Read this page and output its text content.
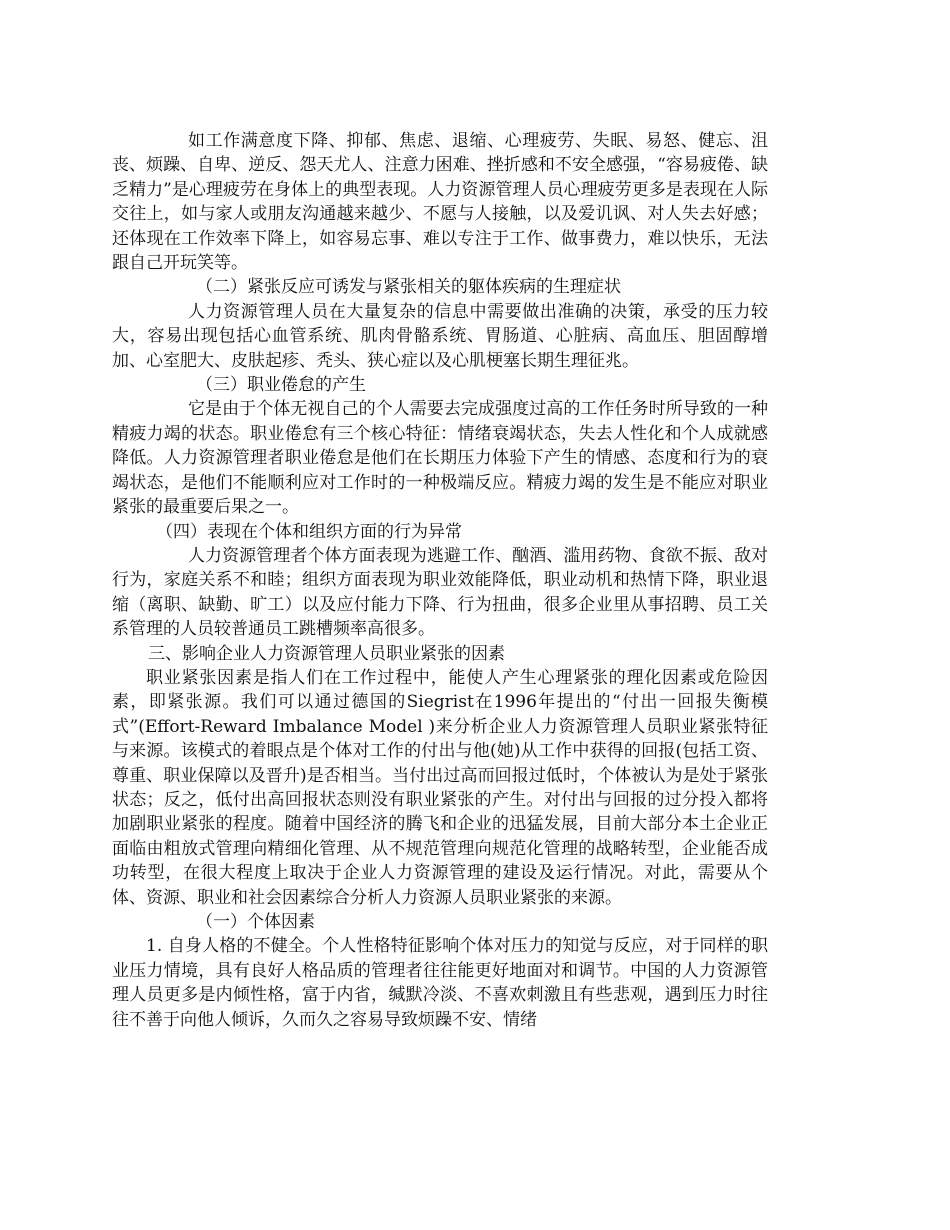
如工作满意度下降、抑郁、焦虑、退缩、心理疲劳、失眠、易怒、健忘、沮丧、烦躁、自卑、逆反、怨天尤人、注意力困难、挫折感和不安全感强，“容易疲倦、缺乏精力”是心理疲劳在身体上的典型表现。人力资源管理人员心理疲劳更多是表现在人际交往上，如与家人或朋友沟通越来越少、不愿与人接触，以及爱讥讽、对人失去好感；还体现在工作效率下降上，如容易忘事、难以专注于工作、做事费力，难以快乐，无法跟自己开玩笑等。

（二）紧张反应可诱发与紧张相关的躯体疾病的生理症状

人力资源管理人员在大量复杂的信息中需要做出准确的决策，承受的压力较大，容易出现包括心血管系统、肌肉骨骼系统、胃肠道、心脏病、高血压、胆固醇增加、心室肥大、皮肤起疹、秃头、狭心症以及心肌梗塞长期生理征兆。

（三）职业倦怠的产生

它是由于个体无视自己的个人需要去完成强度过高的工作任务时所导致的一种精疲力竭的状态。职业倦怠有三个核心特征：情绪衰竭状态，失去人性化和个人成就感降低。人力资源管理者职业倦怠是他们在长期压力体验下产生的情感、态度和行为的衰竭状态，是他们不能顺利应对工作时的一种极端反应。精疲力竭的发生是不能应对职业紧张的最重要后果之一。

（四）表现在个体和组织方面的行为异常

人力资源管理者个体方面表现为逃避工作、酗酒、滥用药物、食欲不振、敌对行为，家庭关系不和睦；组织方面表现为职业效能降低，职业动机和热情下降，职业退缩（离职、缺勤、旷工）以及应付能力下降、行为扭曲，很多企业里从事招聘、员工关系管理的人员较普通员工跳槽频率高很多。

三、影响企业人力资源管理人员职业紧张的因素

职业紧张因素是指人们在工作过程中，能使人产生心理紧张的理化因素或危险因素，即紧张源。我们可以通过德国的Siegrist在1996年提出的“付出一回报失衡模式”(Effort-Reward Imbalance Model )来分析企业人力资源管理人员职业紧张特征与来源。该模式的着眼点是个体对工作的付出与他(她)从工作中获得的回报(包括工资、尊重、职业保障以及晋升)是否相当。当付出过高而回报过低时，个体被认为是处于紧张状态；反之，低付出高回报状态则没有职业紧张的产生。对付出与回报的过分投入都将加剧职业紧张的程度。随着中国经济的腾飞和企业的迅猛发展，目前大部分本土企业正面临由粗放式管理向精细化管理、从不规范管理向规范化管理的战略转型，企业能否成功转型，在很大程度上取决于企业人力资源管理的建设及运行情况。对此，需要从个体、资源、职业和社会因素综合分析人力资源人员职业紧张的来源。

（一）个体因素

1. 自身人格的不健全。个人性格特征影响个体对压力的知觉与反应，对于同样的职业压力情境，具有良好人格品质的管理者往往能更好地面对和调节。中国的人力资源管理人员更多是内倾性格，富于内省，缄默冷淡、不喜欢刺激且有些悲观，遇到压力时往往不善于向他人倾诉，久而久之容易导致烦躁不安、情绪
